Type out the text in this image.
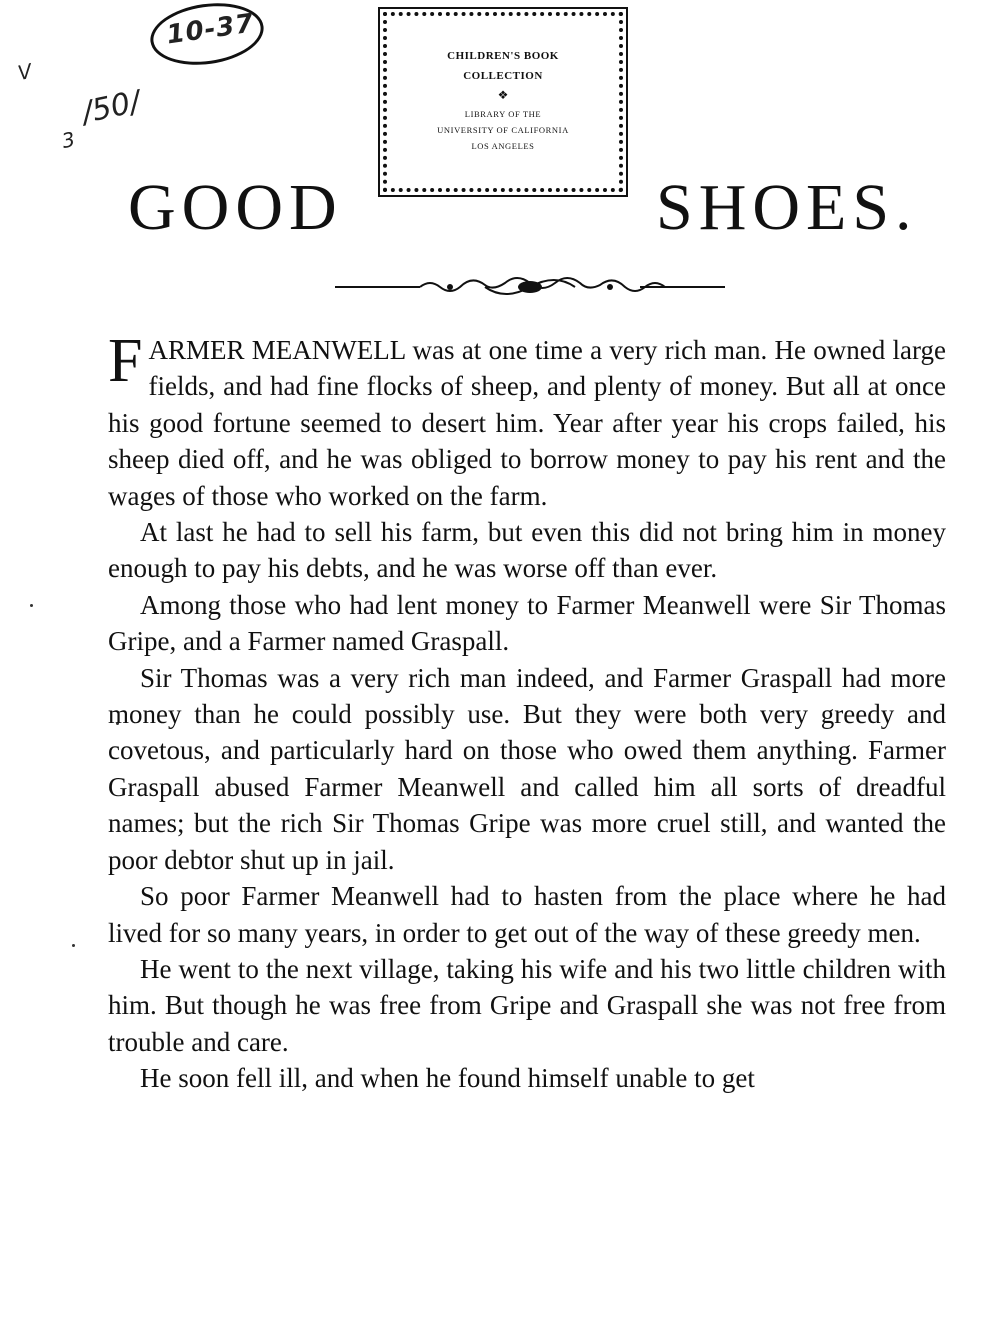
10-37
V
/50/
3
CHILDREN'S BOOK
COLLECTION
❖
LIBRARY OF THE
UNIVERSITY OF CALIFORNIA
LOS ANGELES
GOOD	SHOES.

FARMER MEANWELL was at one time a very rich man. He owned large fields, and had fine flocks of sheep, and plenty of money. But all at once his good fortune seemed to desert him. Year after year his crops failed, his sheep died off, and he was obliged to borrow money to pay his rent and the wages of those who worked on the farm.

At last he had to sell his farm, but even this did not bring him in money enough to pay his debts, and he was worse off than ever.

Among those who had lent money to Farmer Meanwell were Sir Thomas Gripe, and a Farmer named Graspall.

Sir Thomas was a very rich man indeed, and Farmer Graspall had more money than he could possibly use. But they were both very greedy and covetous, and particularly hard on those who owed them anything. Farmer Graspall abused Farmer Meanwell and called him all sorts of dreadful names; but the rich Sir Thomas Gripe was more cruel still, and wanted the poor debtor shut up in jail.

So poor Farmer Meanwell had to hasten from the place where he had lived for so many years, in order to get out of the way of these greedy men.

He went to the next village, taking his wife and his two little children with him. But though he was free from Gripe and Graspall she was not free from trouble and care.

He soon fell ill, and when he found himself unable to get
